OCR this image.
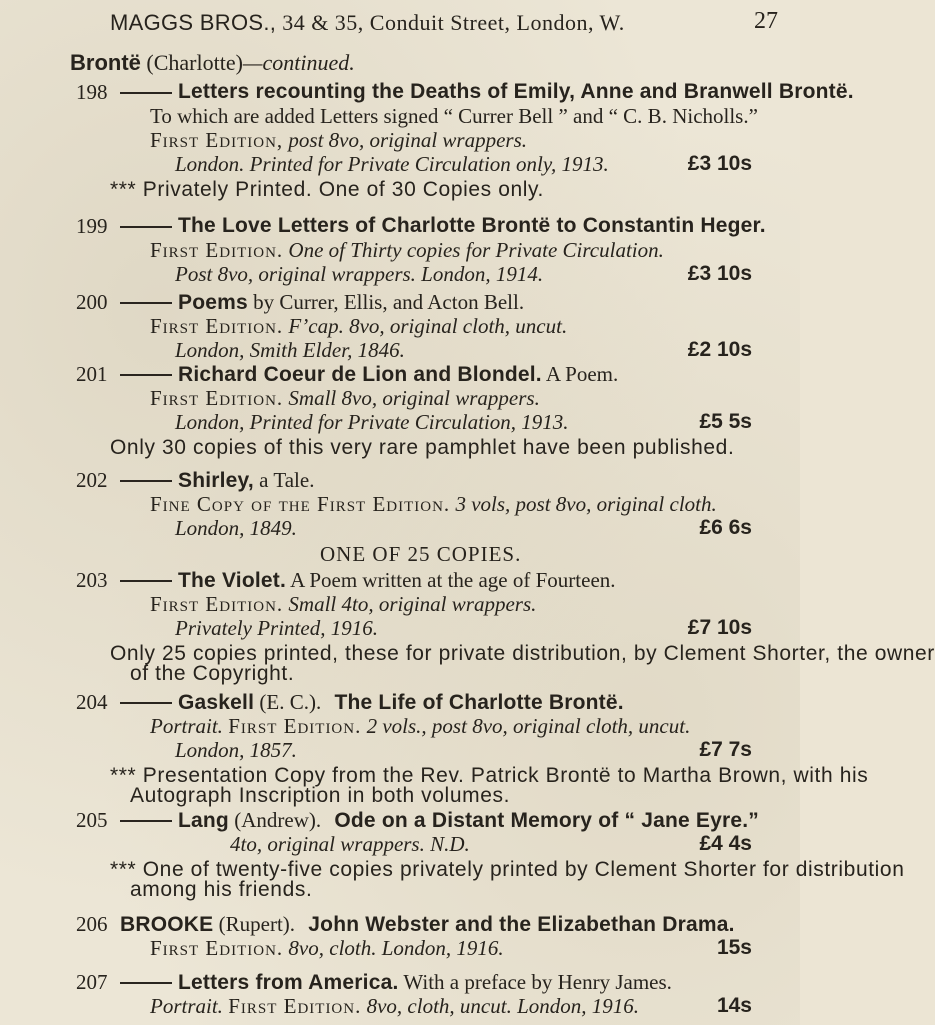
MAGGS BROS., 34 & 35, Conduit Street, London, W.	27
Brontë (Charlotte)—continued.
198	Letters recounting the Deaths of Emily, Anne and Branwell Brontë.
To which are added Letters signed “ Currer Bell ” and “ C. B. Nicholls.”
First Edition, post 8vo, original wrappers.
London. Printed for Private Circulation only, 1913.	£3 10s
*** Privately Printed. One of 30 Copies only.
199	The Love Letters of Charlotte Brontë to Constantin Heger.
First Edition. One of Thirty copies for Private Circulation.
Post 8vo, original wrappers. London, 1914.	£3 10s
200	Poems by Currer, Ellis, and Acton Bell.
First Edition. F’cap. 8vo, original cloth, uncut.
London, Smith Elder, 1846.	£2 10s
201	Richard Coeur de Lion and Blondel. A Poem.
First Edition. Small 8vo, original wrappers.
London, Printed for Private Circulation, 1913.	£5 5s
Only 30 copies of this very rare pamphlet have been published.
202	Shirley, a Tale.
Fine Copy of the First Edition. 3 vols, post 8vo, original cloth.
London, 1849.	£6 6s
ONE OF 25 COPIES.
203	The Violet. A Poem written at the age of Fourteen.
First Edition. Small 4to, original wrappers.
Privately Printed, 1916.	£7 10s
Only 25 copies printed, these for private distribution, by Clement Shorter, the owner
of the Copyright.
204	Gaskell (E. C.). The Life of Charlotte Brontë.
Portrait. First Edition. 2 vols., post 8vo, original cloth, uncut.
London, 1857.	£7 7s
*** Presentation Copy from the Rev. Patrick Brontë to Martha Brown, with his
Autograph Inscription in both volumes.
205	Lang (Andrew). Ode on a Distant Memory of “ Jane Eyre.”
4to, original wrappers. N.D.	£4 4s
*** One of twenty-five copies privately printed by Clement Shorter for distribution
among his friends.
206 BROOKE (Rupert). John Webster and the Elizabethan Drama.
First Edition. 8vo, cloth. London, 1916.	15s
207	Letters from America. With a preface by Henry James.
Portrait. First Edition. 8vo, cloth, uncut. London, 1916.	14s
